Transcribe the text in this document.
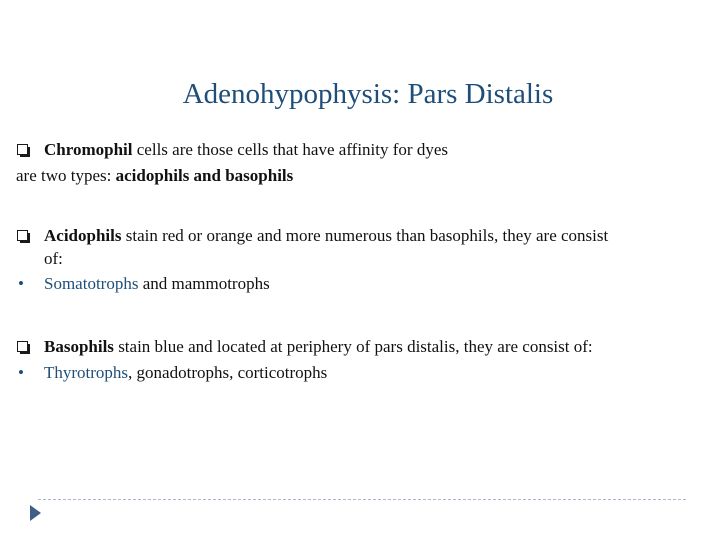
Adenohypophysis: Pars Distalis
Chromophil cells are those cells that have affinity for dyes
are two types: acidophils and basophils
Acidophils stain red or orange and more numerous than basophils, they are consist
of:
• Somatotrophs and mammotrophs
Basophils stain blue and located at periphery of pars distalis, they are consist of:
• Thyrotrophs, gonadotrophs, corticotrophs
